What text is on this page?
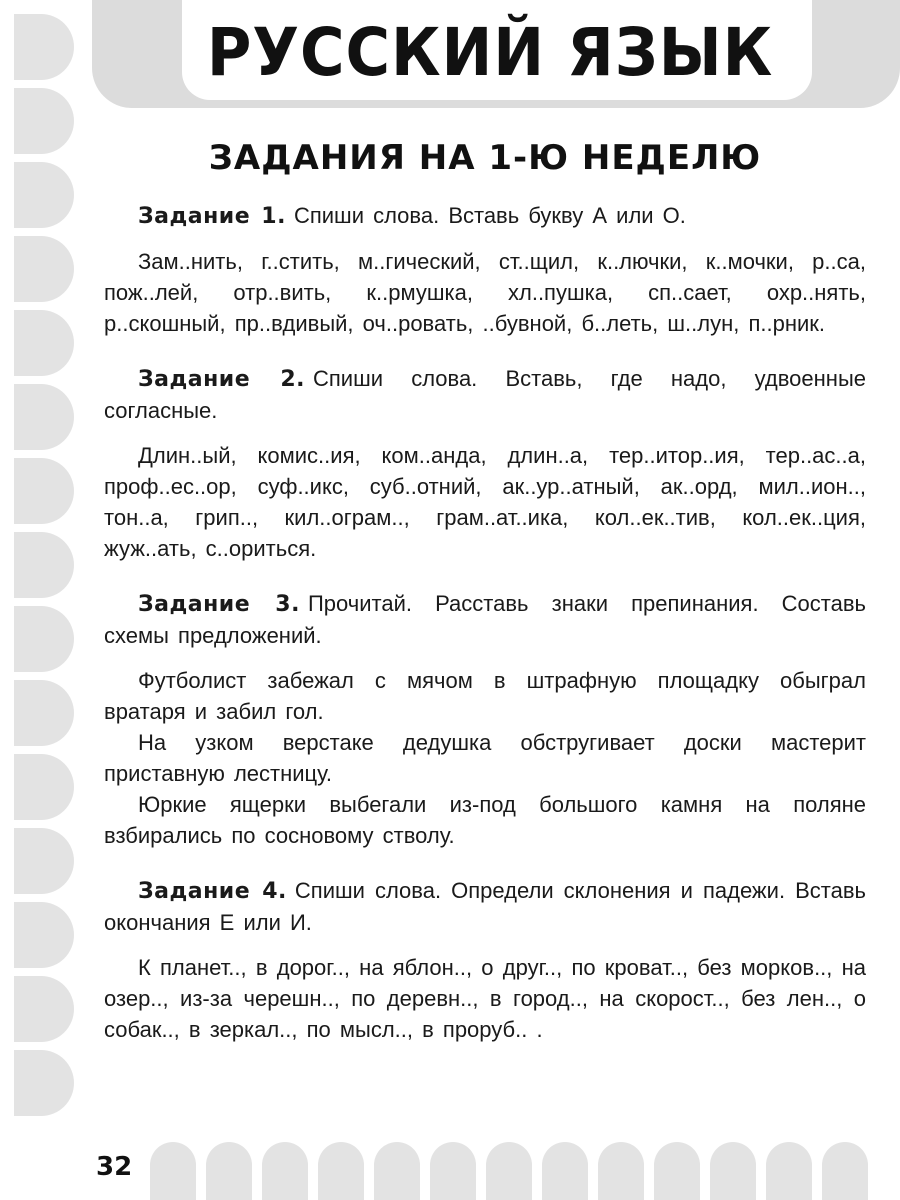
РУССКИЙ ЯЗЫК
ЗАДАНИЯ НА 1-Ю НЕДЕЛЮ

Задание 1. Спиши слова. Вставь букву А или О.

Зам..нить, г..стить, м..гический, ст..щил, к..лючки, к..мочки, р..са, пож..лей, отр..вить, к..рмушка, хл..пушка, сп..сает, охр..нять, р..скошный, пр..вдивый, оч..ровать, ..бувной, б..леть, ш..лун, п..рник.

Задание 2. Спиши слова. Вставь, где надо, удвоенные согласные.

Длин..ый, комис..ия, ком..анда, длин..а, тер..итор..ия, тер..ас..а, проф..ес..ор, суф..икс, суб..отний, ак..ур..атный, ак..орд, мил..ион.., тон..а, грип.., кил..ограм.., грам..ат..ика, кол..ек..тив, кол..ек..ция, жуж..ать, с..ориться.

Задание 3. Прочитай. Расставь знаки препинания. Составь схемы предложений.

Футболист забежал с мячом в штрафную площадку обыграл вратаря и забил гол.

На узком верстаке дедушка обстругивает доски мастерит приставную лестницу.

Юркие ящерки выбегали из-под большого камня на поляне взбирались по сосновому стволу.

Задание 4. Спиши слова. Определи склонения и падежи. Вставь окончания Е или И.

К планет.., в дорог.., на яблон.., о друг.., по кроват.., без морков.., на озер.., из-за черешн.., по деревн.., в город.., на скорост.., без лен.., о собак.., в зеркал.., по мысл.., в проруб.. .

32
